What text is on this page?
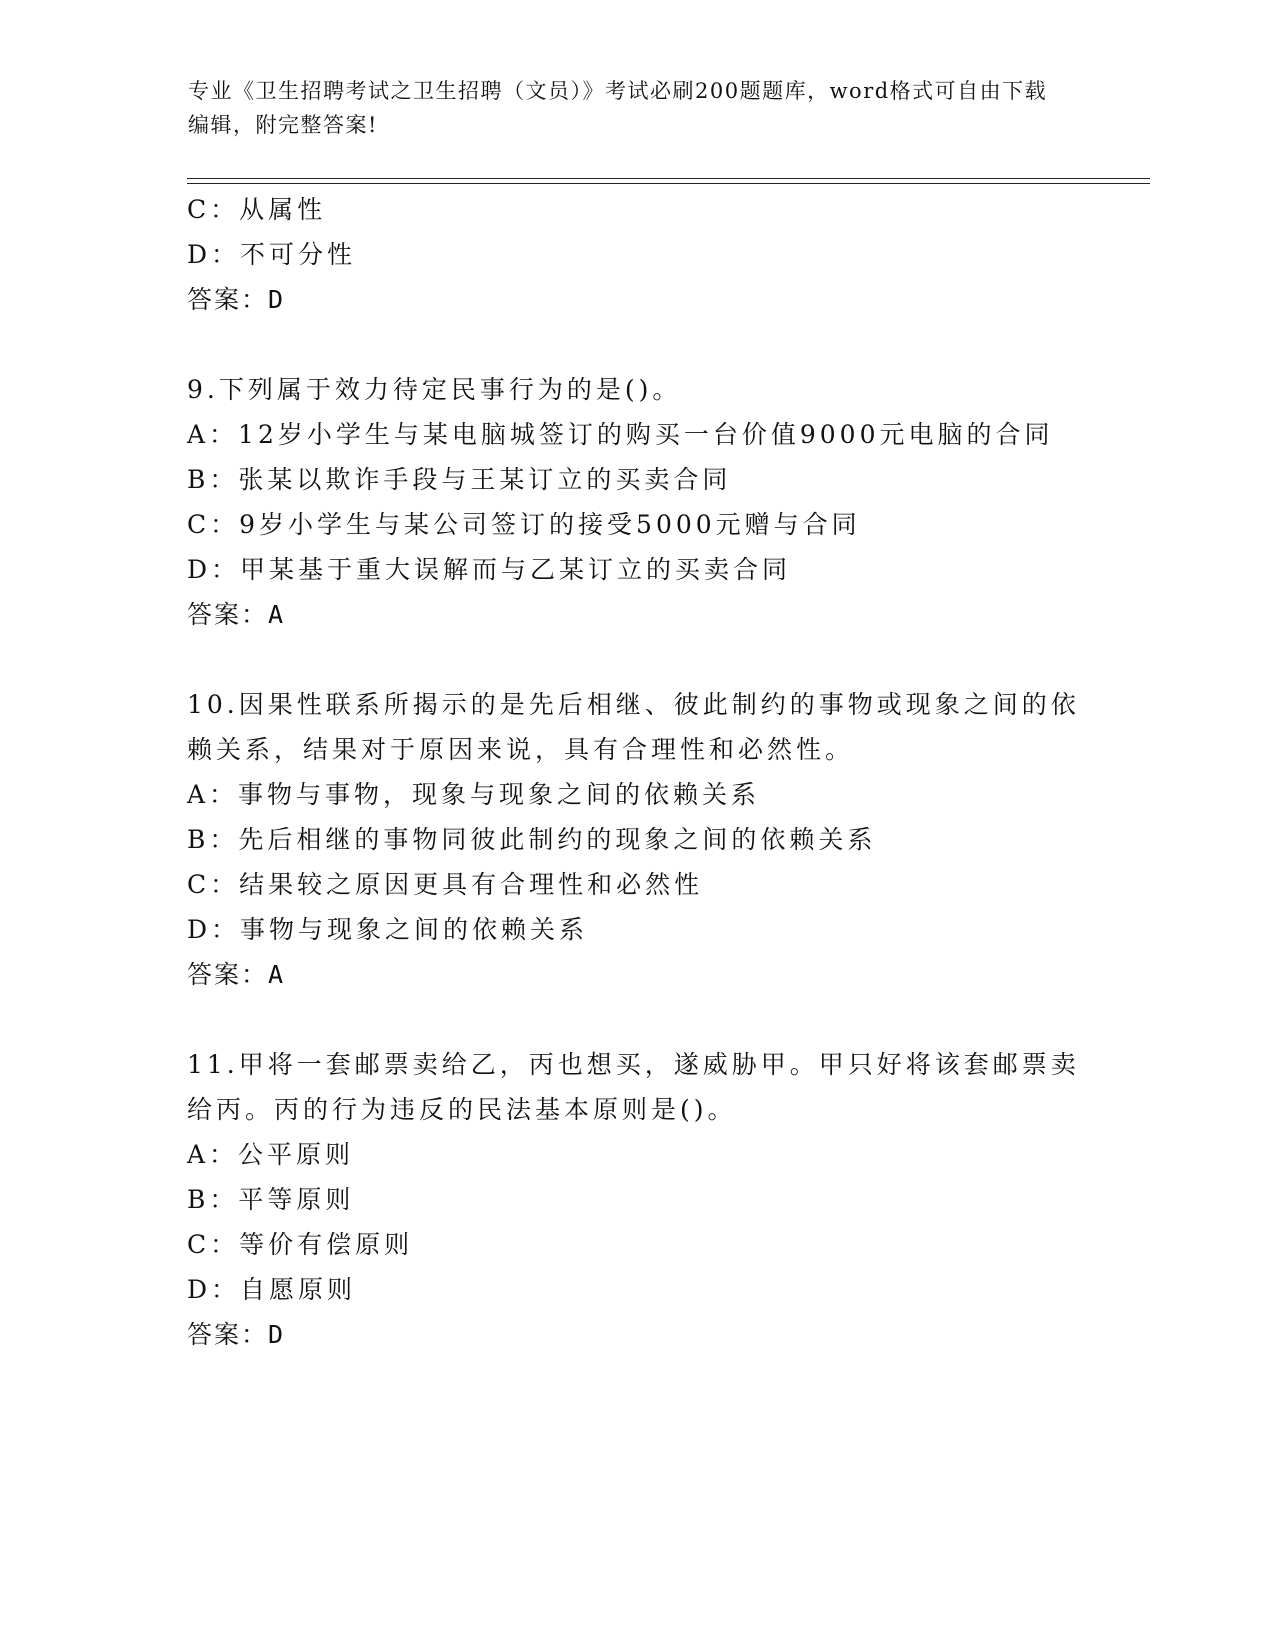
专业《卫生招聘考试之卫生招聘（文员）》考试必刷200题题库，word格式可自由下载编辑，附完整答案!
C：从属性
D：不可分性
答案：D
9.下列属于效力待定民事行为的是()。
A：12岁小学生与某电脑城签订的购买一台价值9000元电脑的合同
B：张某以欺诈手段与王某订立的买卖合同
C：9岁小学生与某公司签订的接受5000元赠与合同
D：甲某基于重大误解而与乙某订立的买卖合同
答案：A
10.因果性联系所揭示的是先后相继、彼此制约的事物或现象之间的依
赖关系，结果对于原因来说，具有合理性和必然性。
A：事物与事物，现象与现象之间的依赖关系
B：先后相继的事物同彼此制约的现象之间的依赖关系
C：结果较之原因更具有合理性和必然性
D：事物与现象之间的依赖关系
答案：A
11.甲将一套邮票卖给乙，丙也想买，遂威胁甲。甲只好将该套邮票卖
给丙。丙的行为违反的民法基本原则是()。
A：公平原则
B：平等原则
C：等价有偿原则
D：自愿原则
答案：D
